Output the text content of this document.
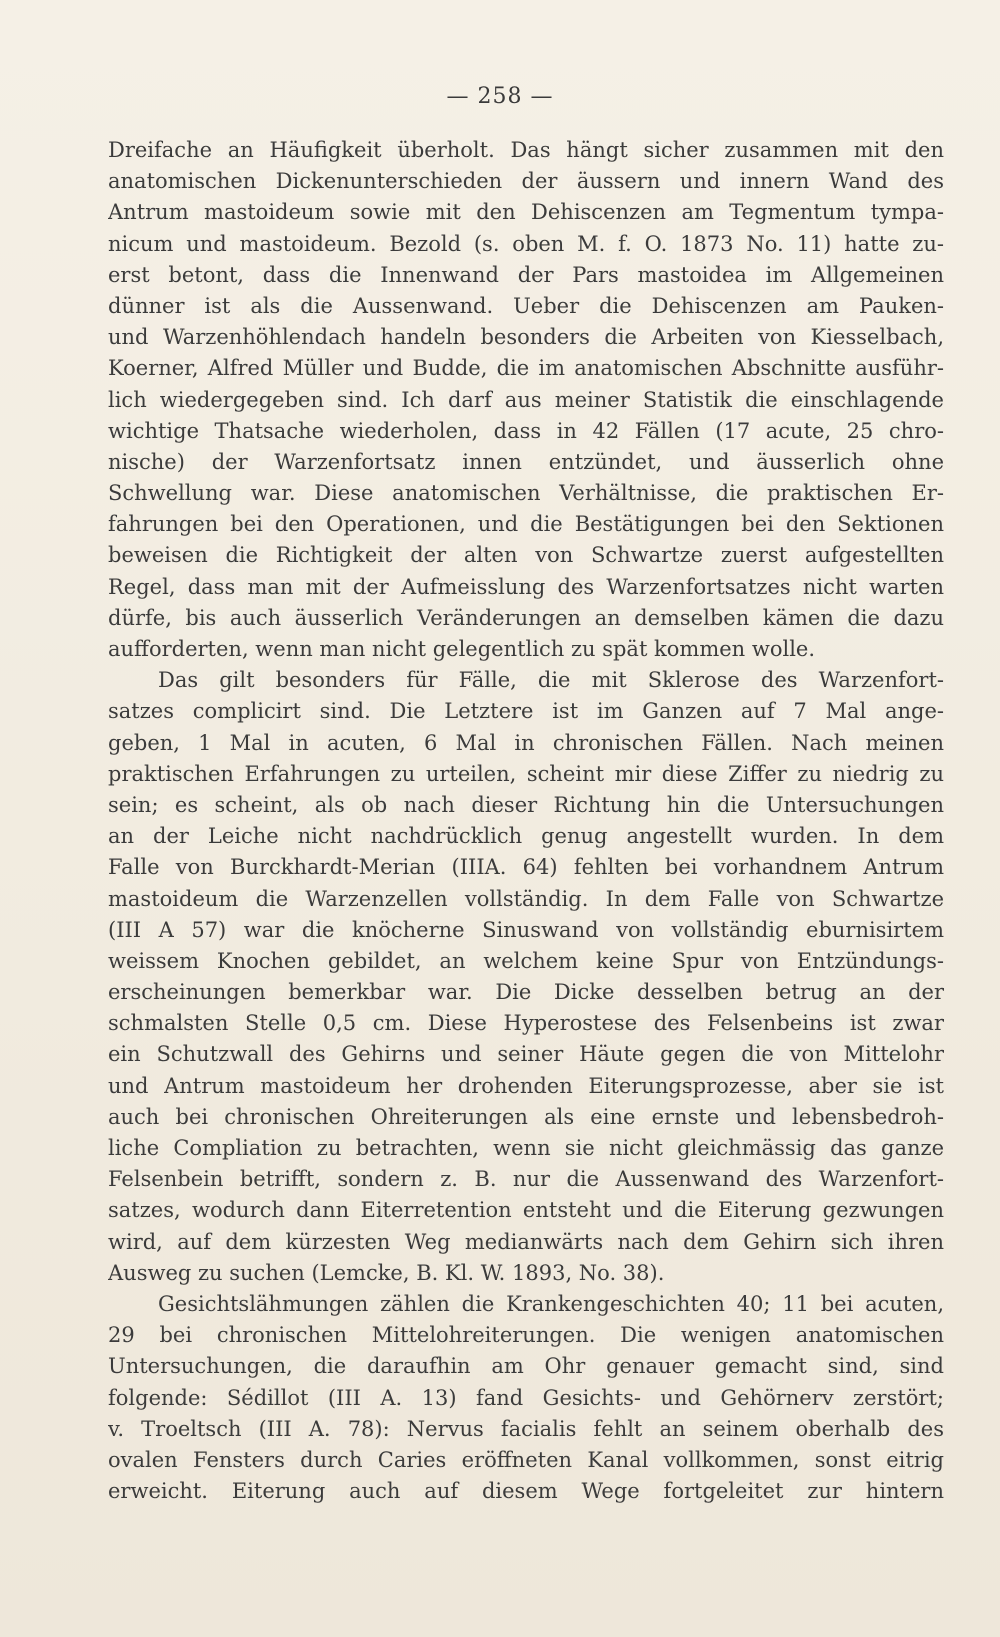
— 258 —
Dreifache an Häufigkeit überholt. Das hängt sicher zusammen mit den
anatomischen Dickenunterschieden der äussern und innern Wand des
Antrum mastoideum sowie mit den Dehiscenzen am Tegmentum tympa-
nicum und mastoideum. Bezold (s. oben M. f. O. 1873 No. 11) hatte zu-
erst betont, dass die Innenwand der Pars mastoidea im Allgemeinen
dünner ist als die Aussenwand. Ueber die Dehiscenzen am Pauken-
und Warzenhöhlendach handeln besonders die Arbeiten von Kiesselbach,
Koerner, Alfred Müller und Budde, die im anatomischen Abschnitte ausführ-
lich wiedergegeben sind. Ich darf aus meiner Statistik die einschlagende
wichtige Thatsache wiederholen, dass in 42 Fällen (17 acute, 25 chro-
nische) der Warzenfortsatz innen entzündet, und äusserlich ohne
Schwellung war. Diese anatomischen Verhältnisse, die praktischen Er-
fahrungen bei den Operationen, und die Bestätigungen bei den Sektionen
beweisen die Richtigkeit der alten von Schwartze zuerst aufgestellten
Regel, dass man mit der Aufmeisslung des Warzenfortsatzes nicht warten
dürfe, bis auch äusserlich Veränderungen an demselben kämen die dazu
aufforderten, wenn man nicht gelegentlich zu spät kommen wolle.
Das gilt besonders für Fälle, die mit Sklerose des Warzenfort-
satzes complicirt sind. Die Letztere ist im Ganzen auf 7 Mal ange-
geben, 1 Mal in acuten, 6 Mal in chronischen Fällen. Nach meinen
praktischen Erfahrungen zu urteilen, scheint mir diese Ziffer zu niedrig zu
sein; es scheint, als ob nach dieser Richtung hin die Untersuchungen
an der Leiche nicht nachdrücklich genug angestellt wurden. In dem
Falle von Burckhardt-Merian (IIIA. 64) fehlten bei vorhandnem Antrum
mastoideum die Warzenzellen vollständig. In dem Falle von Schwartze
(III A 57) war die knöcherne Sinuswand von vollständig eburnisirtem
weissem Knochen gebildet, an welchem keine Spur von Entzündungs-
erscheinungen bemerkbar war. Die Dicke desselben betrug an der
schmalsten Stelle 0,5 cm. Diese Hyperostese des Felsenbeins ist zwar
ein Schutzwall des Gehirns und seiner Häute gegen die von Mittelohr
und Antrum mastoideum her drohenden Eiterungsprozesse, aber sie ist
auch bei chronischen Ohreiterungen als eine ernste und lebensbedroh-
liche Compliation zu betrachten, wenn sie nicht gleichmässig das ganze
Felsenbein betrifft, sondern z. B. nur die Aussenwand des Warzenfort-
satzes, wodurch dann Eiterretention entsteht und die Eiterung gezwungen
wird, auf dem kürzesten Weg medianwärts nach dem Gehirn sich ihren
Ausweg zu suchen (Lemcke, B. Kl. W. 1893, No. 38).
Gesichtslähmungen zählen die Krankengeschichten 40; 11 bei acuten,
29 bei chronischen Mittelohreiterungen. Die wenigen anatomischen
Untersuchungen, die daraufhin am Ohr genauer gemacht sind, sind
folgende: Sédillot (III A. 13) fand Gesichts- und Gehörnerv zerstört;
v. Troeltsch (III A. 78): Nervus facialis fehlt an seinem oberhalb des
ovalen Fensters durch Caries eröffneten Kanal vollkommen, sonst eitrig
erweicht. Eiterung auch auf diesem Wege fortgeleitet zur hintern
